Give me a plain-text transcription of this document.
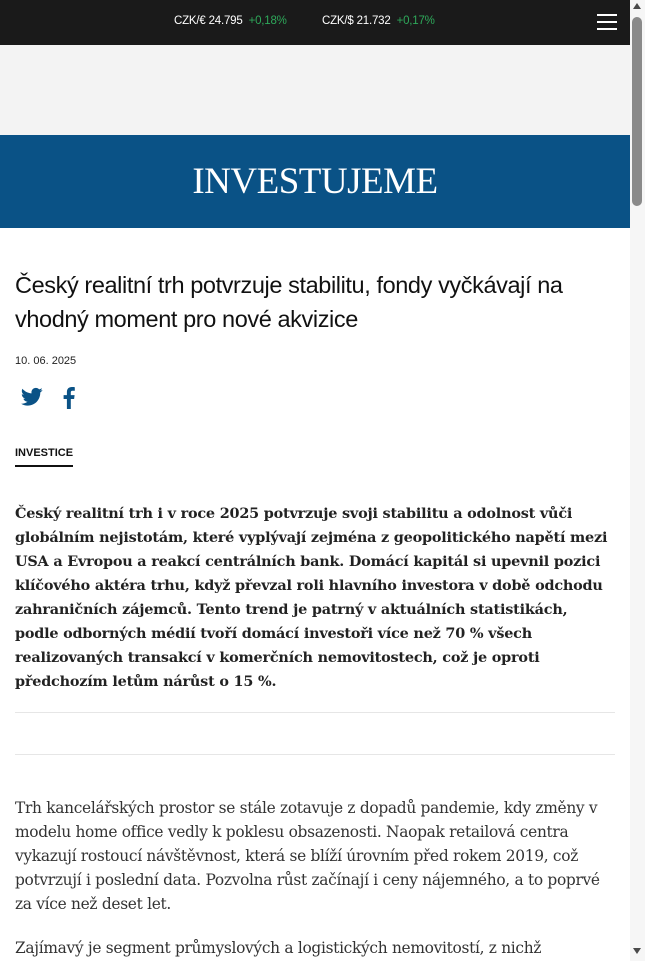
CZK/€ 24.795 +0,18%	CZK/$ 21.732 +0,17%
INVESTUJEME
Český realitní trh potvrzuje stabilitu, fondy vyčkávají na vhodný moment pro nové akvizice
10. 06. 2025
INVESTICE
Český realitní trh i v roce 2025 potvrzuje svoji stabilitu a odolnost vůči globálním nejistotám, které vyplývají zejména z geopolitického napětí mezi USA a Evropou a reakcí centrálních bank. Domácí kapitál si upevnil pozici klíčového aktéra trhu, když převzal roli hlavního investora v době odchodu zahraničních zájemců. Tento trend je patrný v aktuálních statistikách, podle odborných médií tvoří domácí investoři více než 70 % všech realizovaných transakcí v komerčních nemovitostech, což je oproti předchozím letům nárůst o 15 %.
Trh kancelářských prostor se stále zotavuje z dopadů pandemie, kdy změny v modelu home office vedly k poklesu obsazenosti. Naopak retailová centra vykazují rostoucí návštěvnost, která se blíží úrovním před rokem 2019, což potvrzují i poslední data. Pozvolna růst začínají i ceny nájemného, a to poprvé za více než deset let.
Zajímavý je segment průmyslových a logistických nemovitostí, z nichž
